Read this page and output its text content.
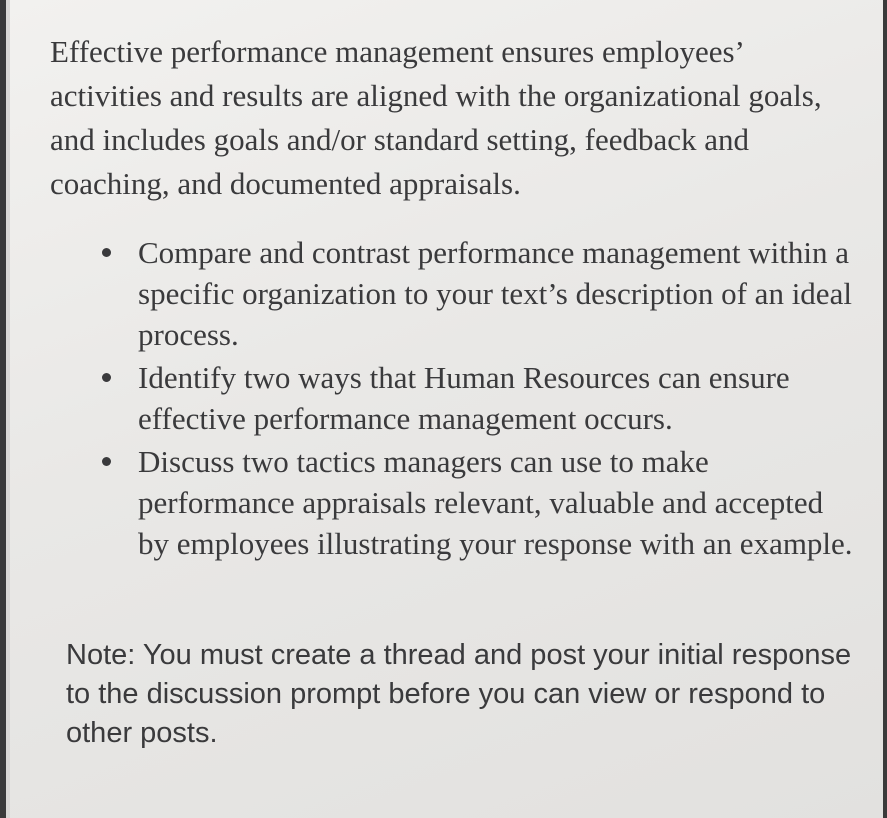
Effective performance management ensures employees’ activities and results are aligned with the organizational goals, and includes goals and/or standard setting, feedback and coaching, and documented appraisals.

Compare and contrast performance management within a specific organization to your text’s description of an ideal process.
Identify two ways that Human Resources can ensure effective performance management occurs.
Discuss two tactics managers can use to make performance appraisals relevant, valuable and accepted by employees illustrating your response with an example.

Note: You must create a thread and post your initial response to the discussion prompt before you can view or respond to other posts.
